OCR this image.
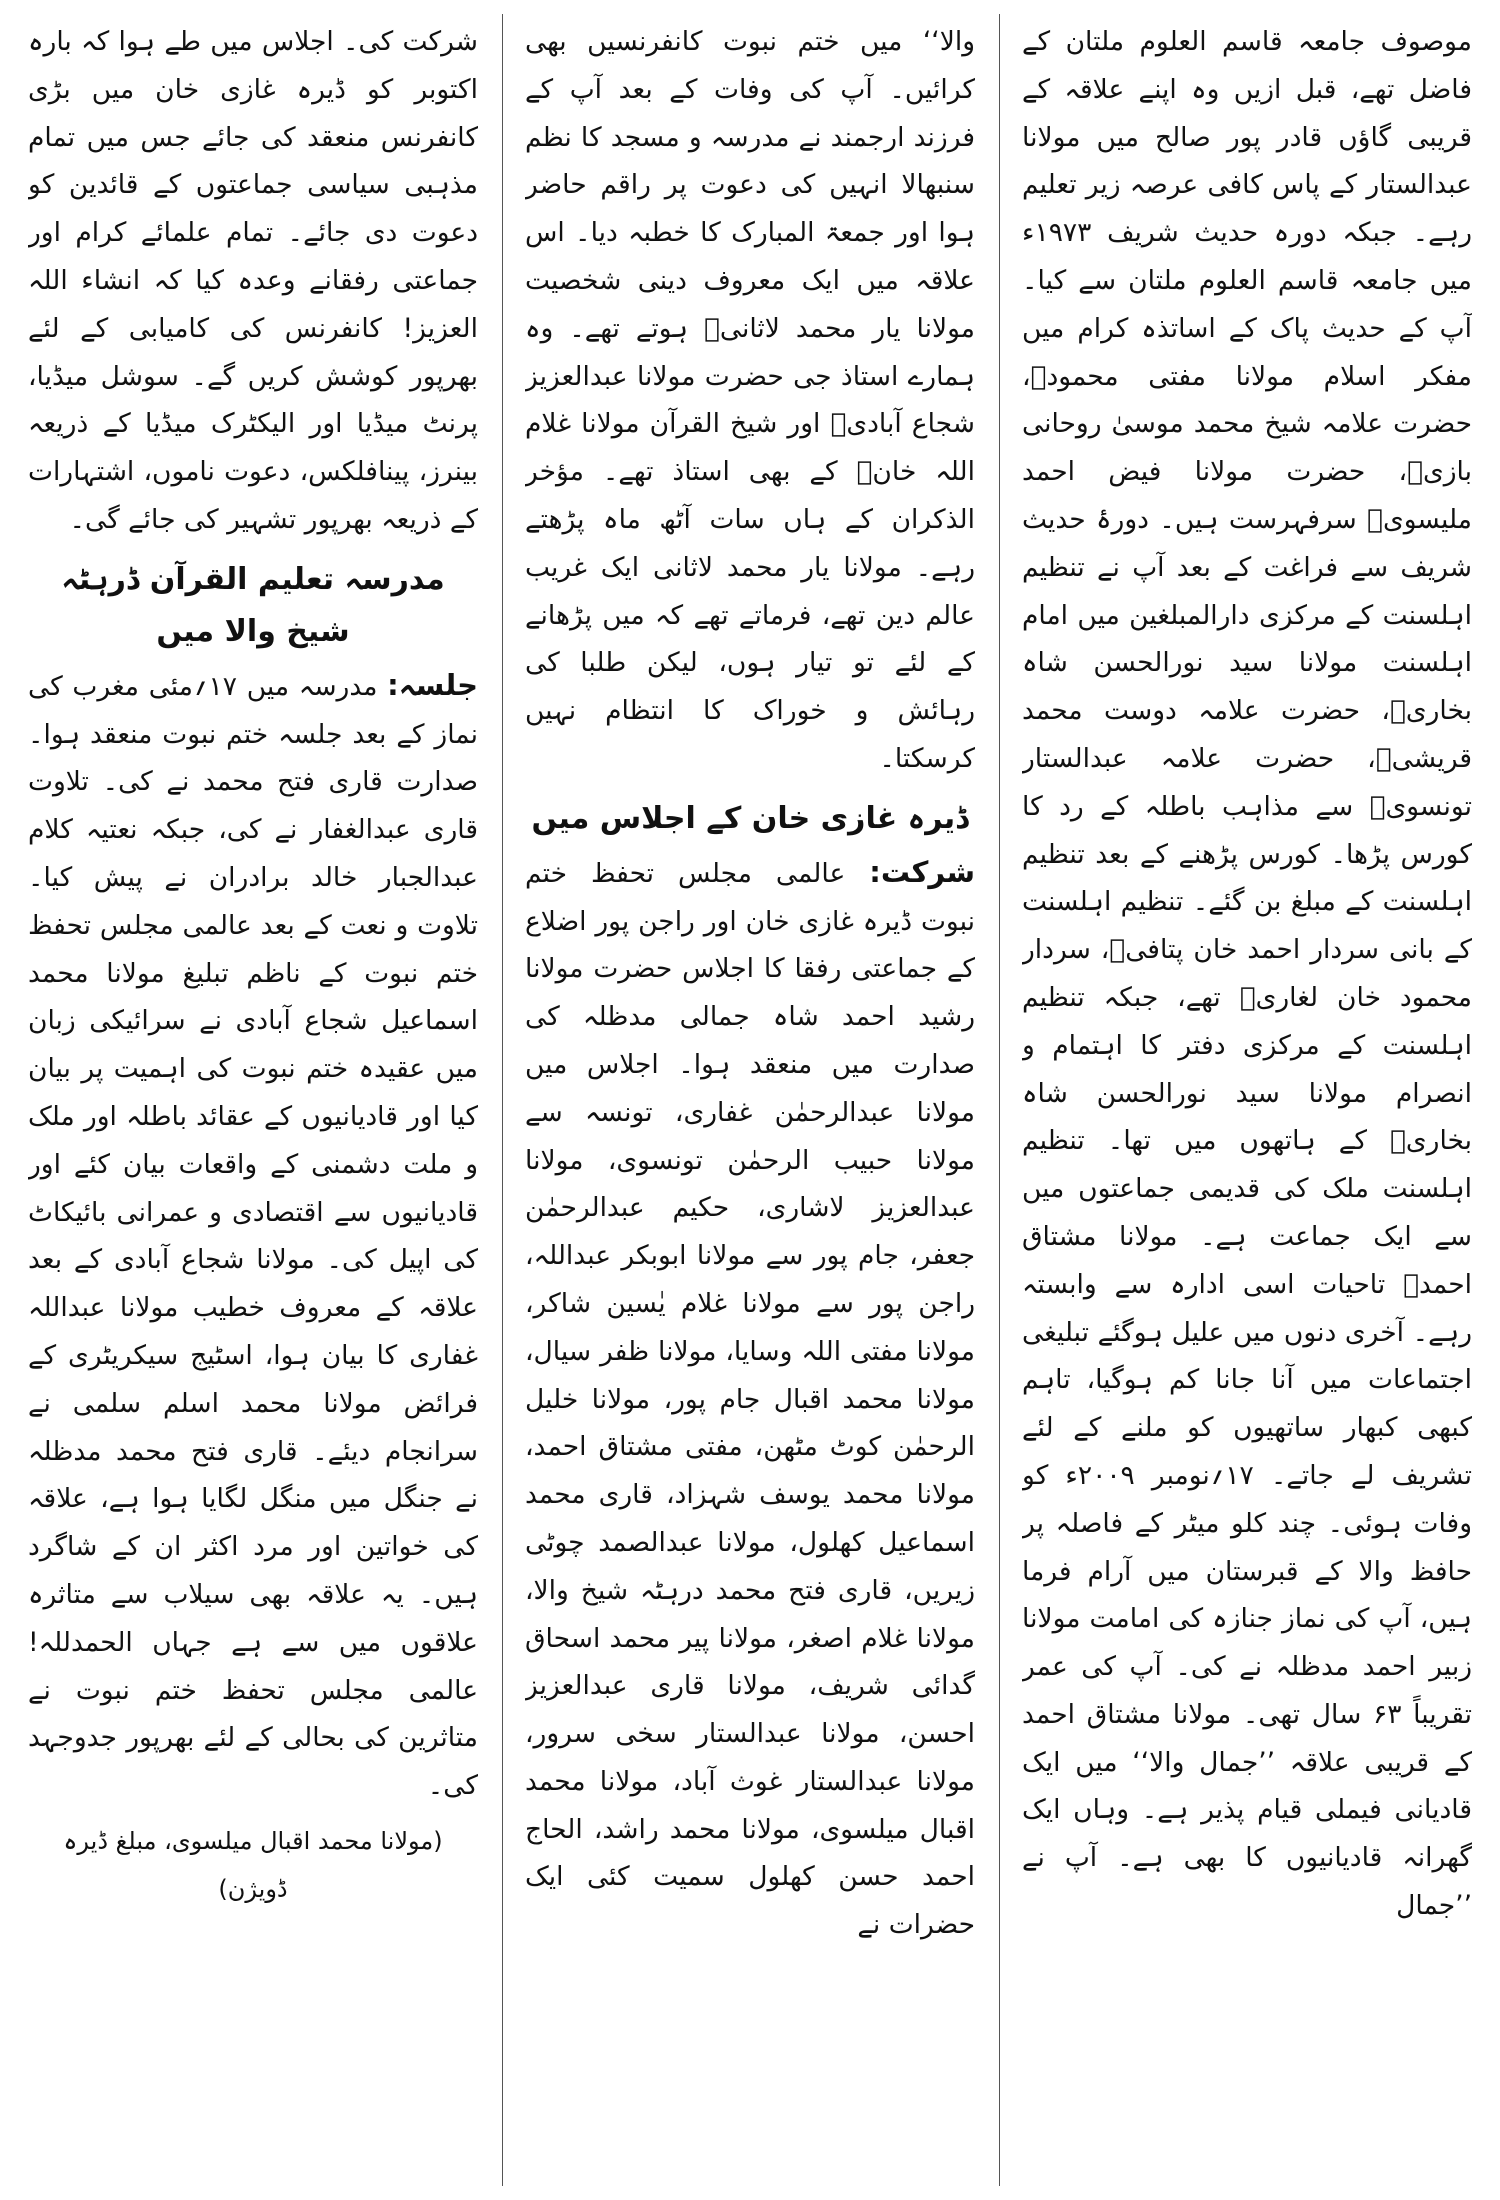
موصوف جامعہ قاسم العلوم ملتان کے فاضل تھے، قبل ازیں وہ اپنے علاقہ کے قریبی گاؤں قادر پور صالح میں مولانا عبدالستار کے پاس کافی عرصہ زیر تعلیم رہے۔ جبکہ دورہ حدیث شریف ۱۹۷۳ء میں جامعہ قاسم العلوم ملتان سے کیا۔ آپ کے حدیث پاک کے اساتذہ کرام میں مفکر اسلام مولانا مفتی محمودؒ، حضرت علامہ شیخ محمد موسیٰ روحانی بازیؒ، حضرت مولانا فیض احمد ملیسویؒ سرفہرست ہیں۔ دورۂ حدیث شریف سے فراغت کے بعد آپ نے تنظیم اہلسنت کے مرکزی دارالمبلغین میں امام اہلسنت مولانا سید نورالحسن شاہ بخاریؒ، حضرت علامہ دوست محمد قریشیؒ، حضرت علامہ عبدالستار تونسویؒ سے مذاہب باطلہ کے رد کا کورس پڑھا۔ کورس پڑھنے کے بعد تنظیم اہلسنت کے مبلغ بن گئے۔ تنظیم اہلسنت کے بانی سردار احمد خان پتافیؒ، سردار محمود خان لغاریؒ تھے، جبکہ تنظیم اہلسنت کے مرکزی دفتر کا اہتمام و انصرام مولانا سید نورالحسن شاہ بخاریؒ کے ہاتھوں میں تھا۔ تنظیم اہلسنت ملک کی قدیمی جماعتوں میں سے ایک جماعت ہے۔ مولانا مشتاق احمدؒ تاحیات اسی ادارہ سے وابستہ رہے۔ آخری دنوں میں علیل ہوگئے تبلیغی اجتماعات میں آنا جانا کم ہوگیا، تاہم کبھی کبھار ساتھیوں کو ملنے کے لئے تشریف لے جاتے۔ ۱۷؍نومبر ۲۰۰۹ء کو وفات ہوئی۔ چند کلو میٹر کے فاصلہ پر حافظ والا کے قبرستان میں آرام فرما ہیں، آپ کی نماز جنازہ کی امامت مولانا زبیر احمد مدظلہ نے کی۔ آپ کی عمر تقریباً ۶۳ سال تھی۔ مولانا مشتاق احمد کے قریبی علاقہ ’’جمال والا‘‘ میں ایک قادیانی فیملی قیام پذیر ہے۔ وہاں ایک گھرانہ قادیانیوں کا بھی ہے۔ آپ نے ’’جمال

والا‘‘ میں ختم نبوت کانفرنسیں بھی کرائیں۔ آپ کی وفات کے بعد آپ کے فرزند ارجمند نے مدرسہ و مسجد کا نظم سنبھالا انہیں کی دعوت پر راقم حاضر ہوا اور جمعۃ المبارک کا خطبہ دیا۔ اس علاقہ میں ایک معروف دینی شخصیت مولانا یار محمد لاثانیؒ ہوتے تھے۔ وہ ہمارے استاذ جی حضرت مولانا عبدالعزیز شجاع آبادیؒ اور شیخ القرآن مولانا غلام اللہ خانؒ کے بھی استاذ تھے۔ مؤخر الذکران کے ہاں سات آٹھ ماہ پڑھتے رہے۔ مولانا یار محمد لاثانی ایک غریب عالم دین تھے، فرماتے تھے کہ میں پڑھانے کے لئے تو تیار ہوں، لیکن طلبا کی رہائش و خوراک کا انتظام نہیں کرسکتا۔

ڈیرہ غازی خان کے اجلاس میں

شرکت: عالمی مجلس تحفظ ختم نبوت ڈیرہ غازی خان اور راجن پور اضلاع کے جماعتی رفقا کا اجلاس حضرت مولانا رشید احمد شاہ جمالی مدظلہ کی صدارت میں منعقد ہوا۔ اجلاس میں مولانا عبدالرحمٰن غفاری، تونسہ سے مولانا حبیب الرحمٰن تونسوی، مولانا عبدالعزیز لاشاری، حکیم عبدالرحمٰن جعفر، جام پور سے مولانا ابوبکر عبداللہ، راجن پور سے مولانا غلام یٰسین شاکر، مولانا مفتی اللہ وسایا، مولانا ظفر سیال، مولانا محمد اقبال جام پور، مولانا خلیل الرحمٰن کوٹ مٹھن، مفتی مشتاق احمد، مولانا محمد یوسف شہزاد، قاری محمد اسماعیل کھلول، مولانا عبدالصمد چوٹی زیریں، قاری فتح محمد درہٹہ شیخ والا، مولانا غلام اصغر، مولانا پیر محمد اسحاق گدائی شریف، مولانا قاری عبدالعزیز احسن، مولانا عبدالستار سخی سرور، مولانا عبدالستار غوث آباد، مولانا محمد اقبال میلسوی، مولانا محمد راشد، الحاج احمد حسن کھلول سمیت کئی ایک حضرات نے

شرکت کی۔ اجلاس میں طے ہوا کہ بارہ اکتوبر کو ڈیرہ غازی خان میں بڑی کانفرنس منعقد کی جائے جس میں تمام مذہبی سیاسی جماعتوں کے قائدین کو دعوت دی جائے۔ تمام علمائے کرام اور جماعتی رفقانے وعدہ کیا کہ انشاء اللہ العزیز! کانفرنس کی کامیابی کے لئے بھرپور کوشش کریں گے۔ سوشل میڈیا، پرنٹ میڈیا اور الیکٹرک میڈیا کے ذریعہ بینرز، پینافلکس، دعوت ناموں، اشتہارات کے ذریعہ بھرپور تشہیر کی جائے گی۔

مدرسہ تعلیم القرآن ڈرہٹہ شیخ والا میں

جلسہ: مدرسہ میں ۱۷؍مئی مغرب کی نماز کے بعد جلسہ ختم نبوت منعقد ہوا۔ صدارت قاری فتح محمد نے کی۔ تلاوت قاری عبدالغفار نے کی، جبکہ نعتیہ کلام عبدالجبار خالد برادران نے پیش کیا۔ تلاوت و نعت کے بعد عالمی مجلس تحفظ ختم نبوت کے ناظم تبلیغ مولانا محمد اسماعیل شجاع آبادی نے سرائیکی زبان میں عقیدہ ختم نبوت کی اہمیت پر بیان کیا اور قادیانیوں کے عقائد باطلہ اور ملک و ملت دشمنی کے واقعات بیان کئے اور قادیانیوں سے اقتصادی و عمرانی بائیکاٹ کی اپیل کی۔ مولانا شجاع آبادی کے بعد علاقہ کے معروف خطیب مولانا عبداللہ غفاری کا بیان ہوا، اسٹیج سیکریٹری کے فرائض مولانا محمد اسلم سلمی نے سرانجام دیئے۔ قاری فتح محمد مدظلہ نے جنگل میں منگل لگایا ہوا ہے، علاقہ کی خواتین اور مرد اکثر ان کے شاگرد ہیں۔ یہ علاقہ بھی سیلاب سے متاثرہ علاقوں میں سے ہے جہاں الحمدللہ! عالمی مجلس تحفظ ختم نبوت نے متاثرین کی بحالی کے لئے بھرپور جدوجہد کی۔

(مولانا محمد اقبال میلسوی، مبلغ ڈیرہ ڈویژن)
